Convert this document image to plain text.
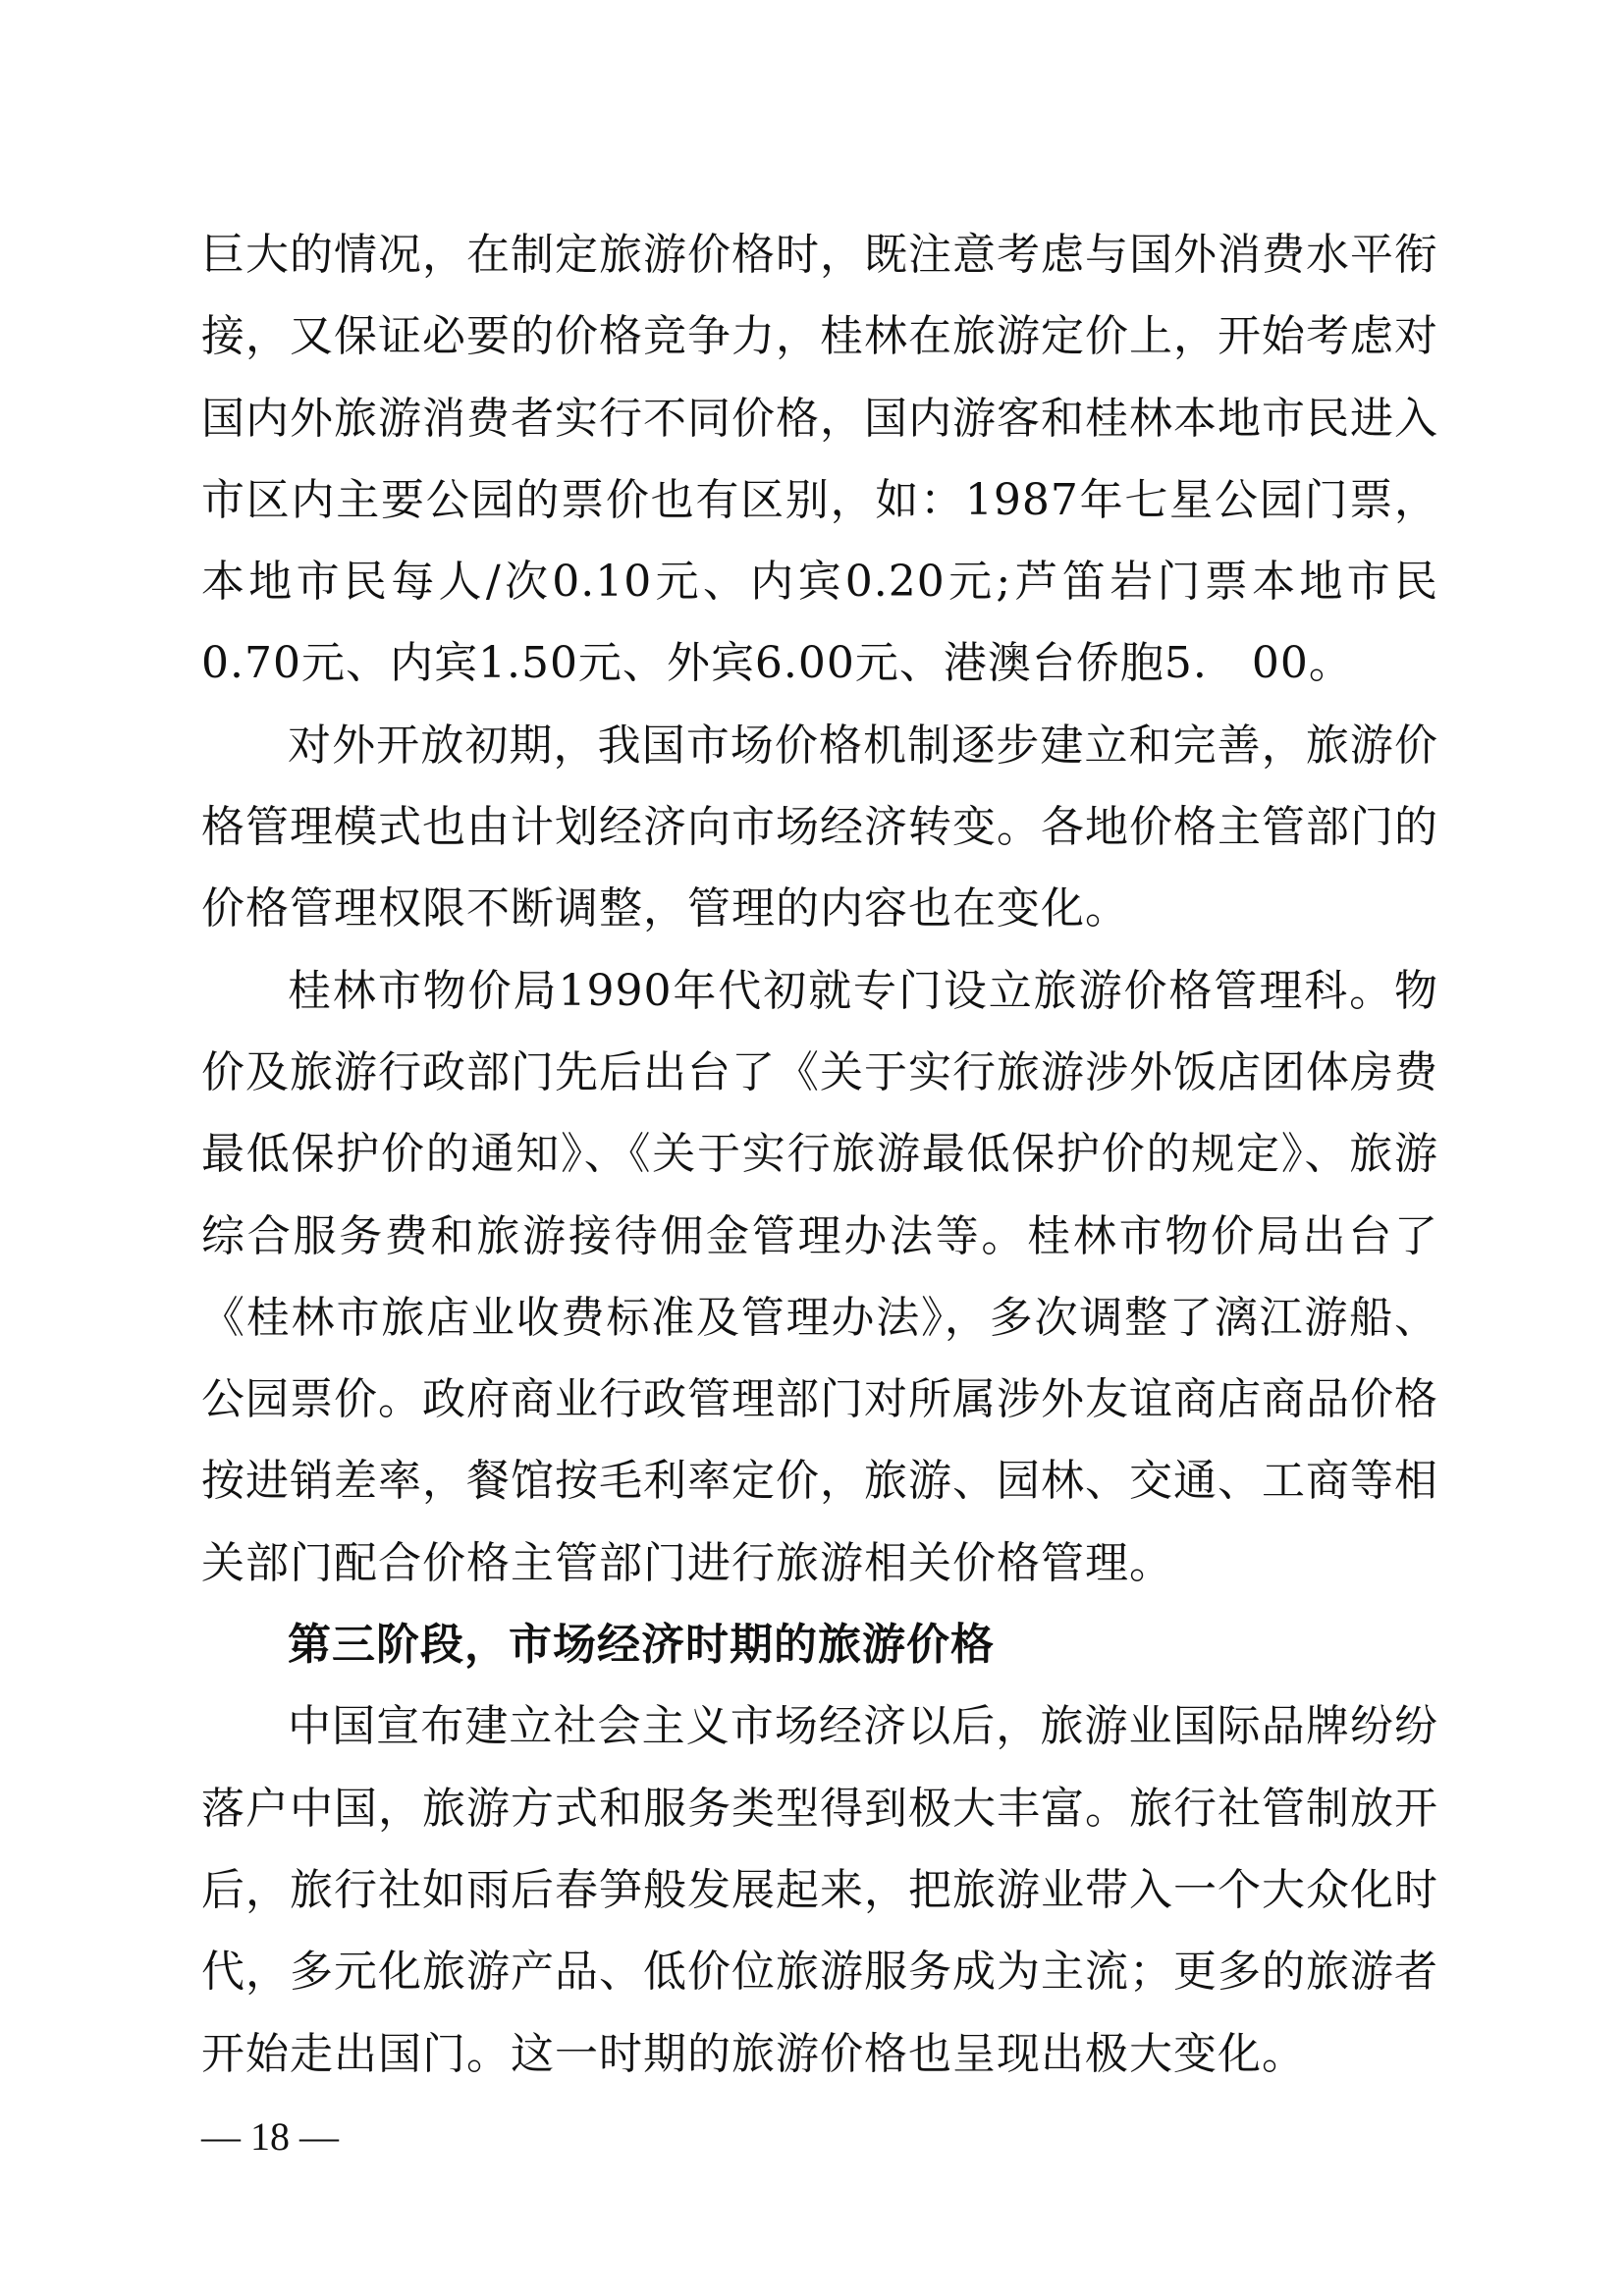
巨大的情况，在制定旅游价格时，既注意考虑与国外消费水平衔接，又保证必要的价格竞争力，桂林在旅游定价上，开始考虑对国内外旅游消费者实行不同价格，国内游客和桂林本地市民进入市区内主要公园的票价也有区别，如：1987年七星公园门票，本地市民每人/次0.10元、内宾0.20元;芦笛岩门票本地市民0.70元、内宾1.50元、外宾6.00元、港澳台侨胞5.　00。

对外开放初期，我国市场价格机制逐步建立和完善，旅游价格管理模式也由计划经济向市场经济转变。各地价格主管部门的价格管理权限不断调整，管理的内容也在变化。

桂林市物价局1990年代初就专门设立旅游价格管理科。物价及旅游行政部门先后出台了《关于实行旅游涉外饭店团体房费最低保护价的通知》、《关于实行旅游最低保护价的规定》、旅游综合服务费和旅游接待佣金管理办法等。桂林市物价局出台了《桂林市旅店业收费标准及管理办法》，多次调整了漓江游船、公园票价。政府商业行政管理部门对所属涉外友谊商店商品价格按进销差率，餐馆按毛利率定价，旅游、园林、交通、工商等相关部门配合价格主管部门进行旅游相关价格管理。

第三阶段，市场经济时期的旅游价格

中国宣布建立社会主义市场经济以后，旅游业国际品牌纷纷落户中国，旅游方式和服务类型得到极大丰富。旅行社管制放开后，旅行社如雨后春笋般发展起来，把旅游业带入一个大众化时代，多元化旅游产品、低价位旅游服务成为主流；更多的旅游者开始走出国门。这一时期的旅游价格也呈现出极大变化。

— 18 —
